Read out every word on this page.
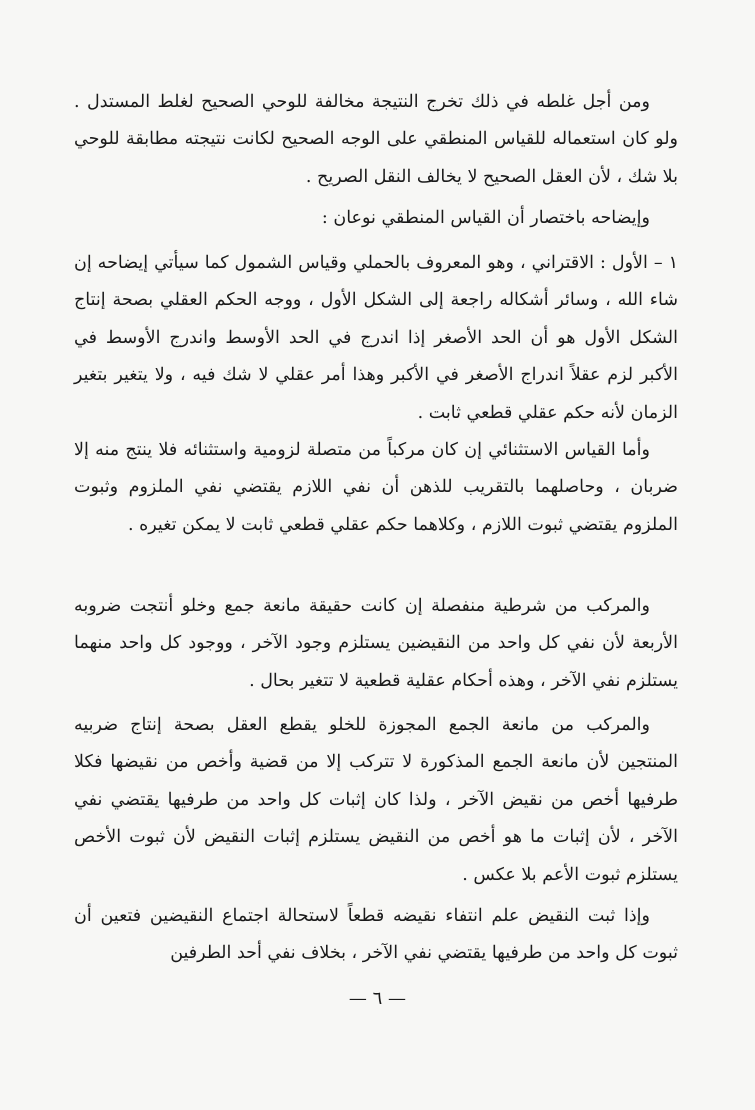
ومن أجل غلطه في ذلك تخرج النتيجة مخالفة للوحي الصحيح لغلط المستدل . ولو كان استعماله للقياس المنطقي على الوجه الصحيح لكانت نتيجته مطابقة للوحي بلا شك ، لأن العقل الصحيح لا يخالف النقل الصريح .

وإيضاحه باختصار أن القياس المنطقي نوعان :

١ – الأول : الاقتراني ، وهو المعروف بالحملي وقياس الشمول كما سيأتي إيضاحه إن شاء الله ، وسائر أشكاله راجعة إلى الشكل الأول ، ووجه الحكم العقلي بصحة إنتاج الشكل الأول هو أن الحد الأصغر إذا اندرج في الحد الأوسط واندرج الأوسط في الأكبر لزم عقلاً اندراج الأصغر في الأكبر وهذا أمر عقلي لا شك فيه ، ولا يتغير بتغير الزمان لأنه حكم عقلي قطعي ثابت .

وأما القياس الاستثنائي إن كان مركباً من متصلة لزومية واستثنائه فلا ينتج منه إلا ضربان ، وحاصلهما بالتقريب للذهن أن نفي اللازم يقتضي نفي الملزوم وثبوت الملزوم يقتضي ثبوت اللازم ، وكلاهما حكم عقلي قطعي ثابت لا يمكن تغيره .

والمركب من شرطية منفصلة إن كانت حقيقة مانعة جمع وخلو أنتجت ضروبه الأربعة لأن نفي كل واحد من النقيضين يستلزم وجود الآخر ، ووجود كل واحد منهما يستلزم نفي الآخر ، وهذه أحكام عقلية قطعية لا تتغير بحال .

والمركب من مانعة الجمع المجوزة للخلو يقطع العقل بصحة إنتاج ضربيه المنتجين لأن مانعة الجمع المذكورة لا تتركب إلا من قضية وأخص من نقيضها فكلا طرفيها أخص من نقيض الآخر ، ولذا كان إثبات كل واحد من طرفيها يقتضي نفي الآخر ، لأن إثبات ما هو أخص من النقيض يستلزم إثبات النقيض لأن ثبوت الأخص يستلزم ثبوت الأعم بلا عكس .

وإذا ثبت النقيض علم انتفاء نقيضه قطعاً لاستحالة اجتماع النقيضين فتعين أن ثبوت كل واحد من طرفيها يقتضي نفي الآخر ، بخلاف نفي أحد الطرفين

— ٦ —
